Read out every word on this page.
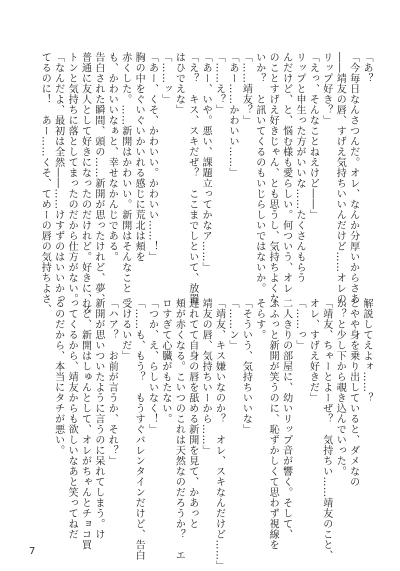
「あ？
「今毎日なんさつんだ。オレ、なんか分厚いからさあ
――靖友の唇、すげえ気持ちいいんだけど……オレの、
リップ好き？」
「えっ、そんなことねえけど――」
リップと申生った方がいいな……たくさんもらう
んだけど、と、悩む様も愛らしい。何ついう、オレ
のことすげえ好きじゃん、とも思うし、気持ちよくな
いか？　と訊いてくるのもいじらしいではないか。
「……靖友？」
「あー……かわいい……」
「……え？」
「あー、いや。悪い、課題立ってかなア……」
「え？　キス、スキだぜ？　ここまでしといて、放置
はひでえな」
「……ッ」
「あー、くそ、かわいい。かわいい……！」
胸の中をぐいぐいかいれる感じに荒北は頬を
赤くした。……新開はかわいい。新開はそんなこと
も、かわいいなぁと、幸せなかんじである。
告白された瞬間、頭の……新開が思ったけれど、夢、
普通に友人として好きになったのだけれど。好きに、ス
トンと気持ちに落としてまったのだから仕方がない。
「なんだよ、最初は全然――……けすずのはいいかっ
てるのに！　あー……くそ、てめーの唇の気持ちよさ、
解説してえよォ……？
とやや身を乗り出していると、ダメなの
か？と少し下から覗き込んでいった。
「靖友、ちゃーとよーぜ？　気持ちい……靖友のこと、
オレ、すげえ好きだ」
「……っ」
二人きりの部屋に、幼いリップ音が響く。そして、
ふふっと新開が笑うのに、恥ずかしくて思わず視線を
そらす。
「そういう、気持ちいいな」
「……ン」
「靖友、キス嫌いなのか？　オレ、スキなんだけど……」
靖友の唇、気持ちいーから……」
遅れてて自身の唇を舐める新開を見て、かあっと
頬が赤くなる。こいつのこれは天然なのだろうか？　エ
ロすぎて心臓がもたない。
「つか、え、らしいなく！」
「……も、もう？　もうすぐバレンタインだけど、告白
受けるいだ」
「ハア？　お前が言うか、それ？」
新開が思いついたように言うのに呆れてしまう。け
れど、新開はしゅんとして、オレがちゃんとチョコ買
ってくるから、靖友からも欲しいなあと笑ってねだ
るのだから、本当にタチが悪い。
7
